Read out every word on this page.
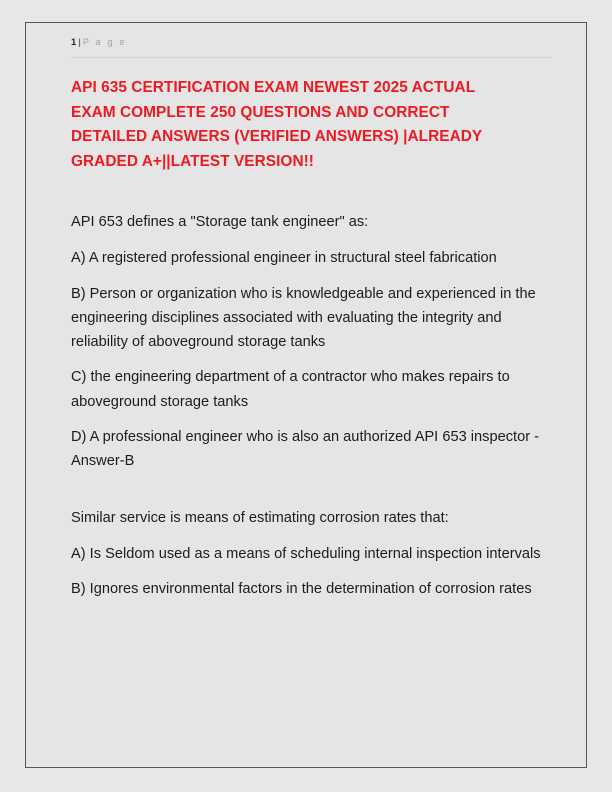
1 | P a g e
API 635 CERTIFICATION EXAM NEWEST 2025 ACTUAL EXAM COMPLETE 250 QUESTIONS AND CORRECT DETAILED ANSWERS (VERIFIED ANSWERS) |ALREADY GRADED A+||LATEST VERSION!!

API 653 defines a "Storage tank engineer" as:

A) A registered professional engineer in structural steel fabrication

B) Person or organization who is knowledgeable and experienced in the engineering disciplines associated with evaluating the integrity and reliability of aboveground storage tanks

C) the engineering department of a contractor who makes repairs to aboveground storage tanks

D) A professional engineer who is also an authorized API 653 inspector - Answer-B

Similar service is means of estimating corrosion rates that:

A) Is Seldom used as a means of scheduling internal inspection intervals

B) Ignores environmental factors in the determination of corrosion rates
